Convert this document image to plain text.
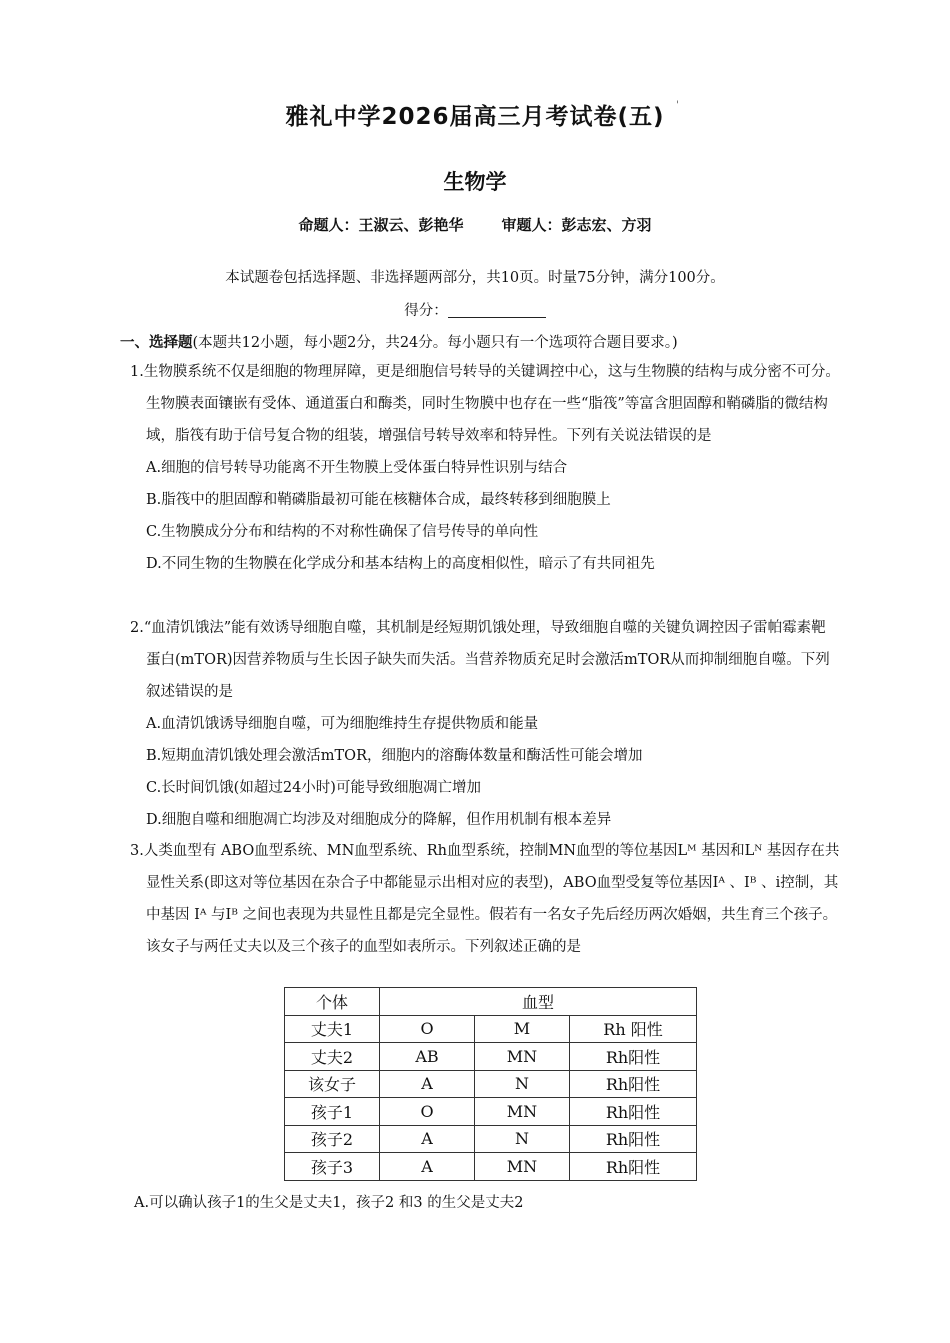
雅礼中学2026届高三月考试卷(五)	'
生物学
命题人：王淑云、彭艳华	审题人：彭志宏、方羽
本试题卷包括选择题、非选择题两部分，共10页。时量75分钟，满分100分。
得分：
一、选择题(本题共12小题，每小题2分，共24分。每小题只有一个选项符合题目要求。)
1.生物膜系统不仅是细胞的物理屏障，更是细胞信号转导的关键调控中心，这与生物膜的结构与成分密不可分。生物膜表面镶嵌有受体、通道蛋白和酶类，同时生物膜中也存在一些“脂筏”等富含胆固醇和鞘磷脂的微结构域，脂筏有助于信号复合物的组装，增强信号转导效率和特异性。下列有关说法错误的是
A.细胞的信号转导功能离不开生物膜上受体蛋白特异性识别与结合
B.脂筏中的胆固醇和鞘磷脂最初可能在核糖体合成，最终转移到细胞膜上
C.生物膜成分分布和结构的不对称性确保了信号传导的单向性
D.不同生物的生物膜在化学成分和基本结构上的高度相似性，暗示了有共同祖先
2.“血清饥饿法”能有效诱导细胞自噬，其机制是经短期饥饿处理，导致细胞自噬的关键负调控因子雷帕霉素靶蛋白(mTOR)因营养物质与生长因子缺失而失活。当营养物质充足时会激活mTOR从而抑制细胞自噬。下列叙述错误的是
A.血清饥饿诱导细胞自噬，可为细胞维持生存提供物质和能量
B.短期血清饥饿处理会激活mTOR，细胞内的溶酶体数量和酶活性可能会增加
C.长时间饥饿(如超过24小时)可能导致细胞凋亡增加
D.细胞自噬和细胞凋亡均涉及对细胞成分的降解，但作用机制有根本差异
3.人类血型有 ABO血型系统、MN血型系统、Rh血型系统，控制MN血型的等位基因Lᴹ 基因和Lᴺ 基因存在共显性关系(即这对等位基因在杂合子中都能显示出相对应的表型)，ABO血型受复等位基因Iᴬ 、Iᴮ 、i控制，其中基因 Iᴬ 与Iᴮ 之间也表现为共显性且都是完全显性。假若有一名女子先后经历两次婚姻，共生育三个孩子。该女子与两任丈夫以及三个孩子的血型如表所示。下列叙述正确的是
个体	血型		
丈夫1	O	M	Rh 阳性
丈夫2	AB	MN	Rh阳性
该女子	A	N	Rh阳性
孩子1	O	MN	Rh阳性
孩子2	A	N	Rh阳性
孩子3	A	MN	Rh阳性
A.可以确认孩子1的生父是丈夫1，孩子2 和3 的生父是丈夫2
